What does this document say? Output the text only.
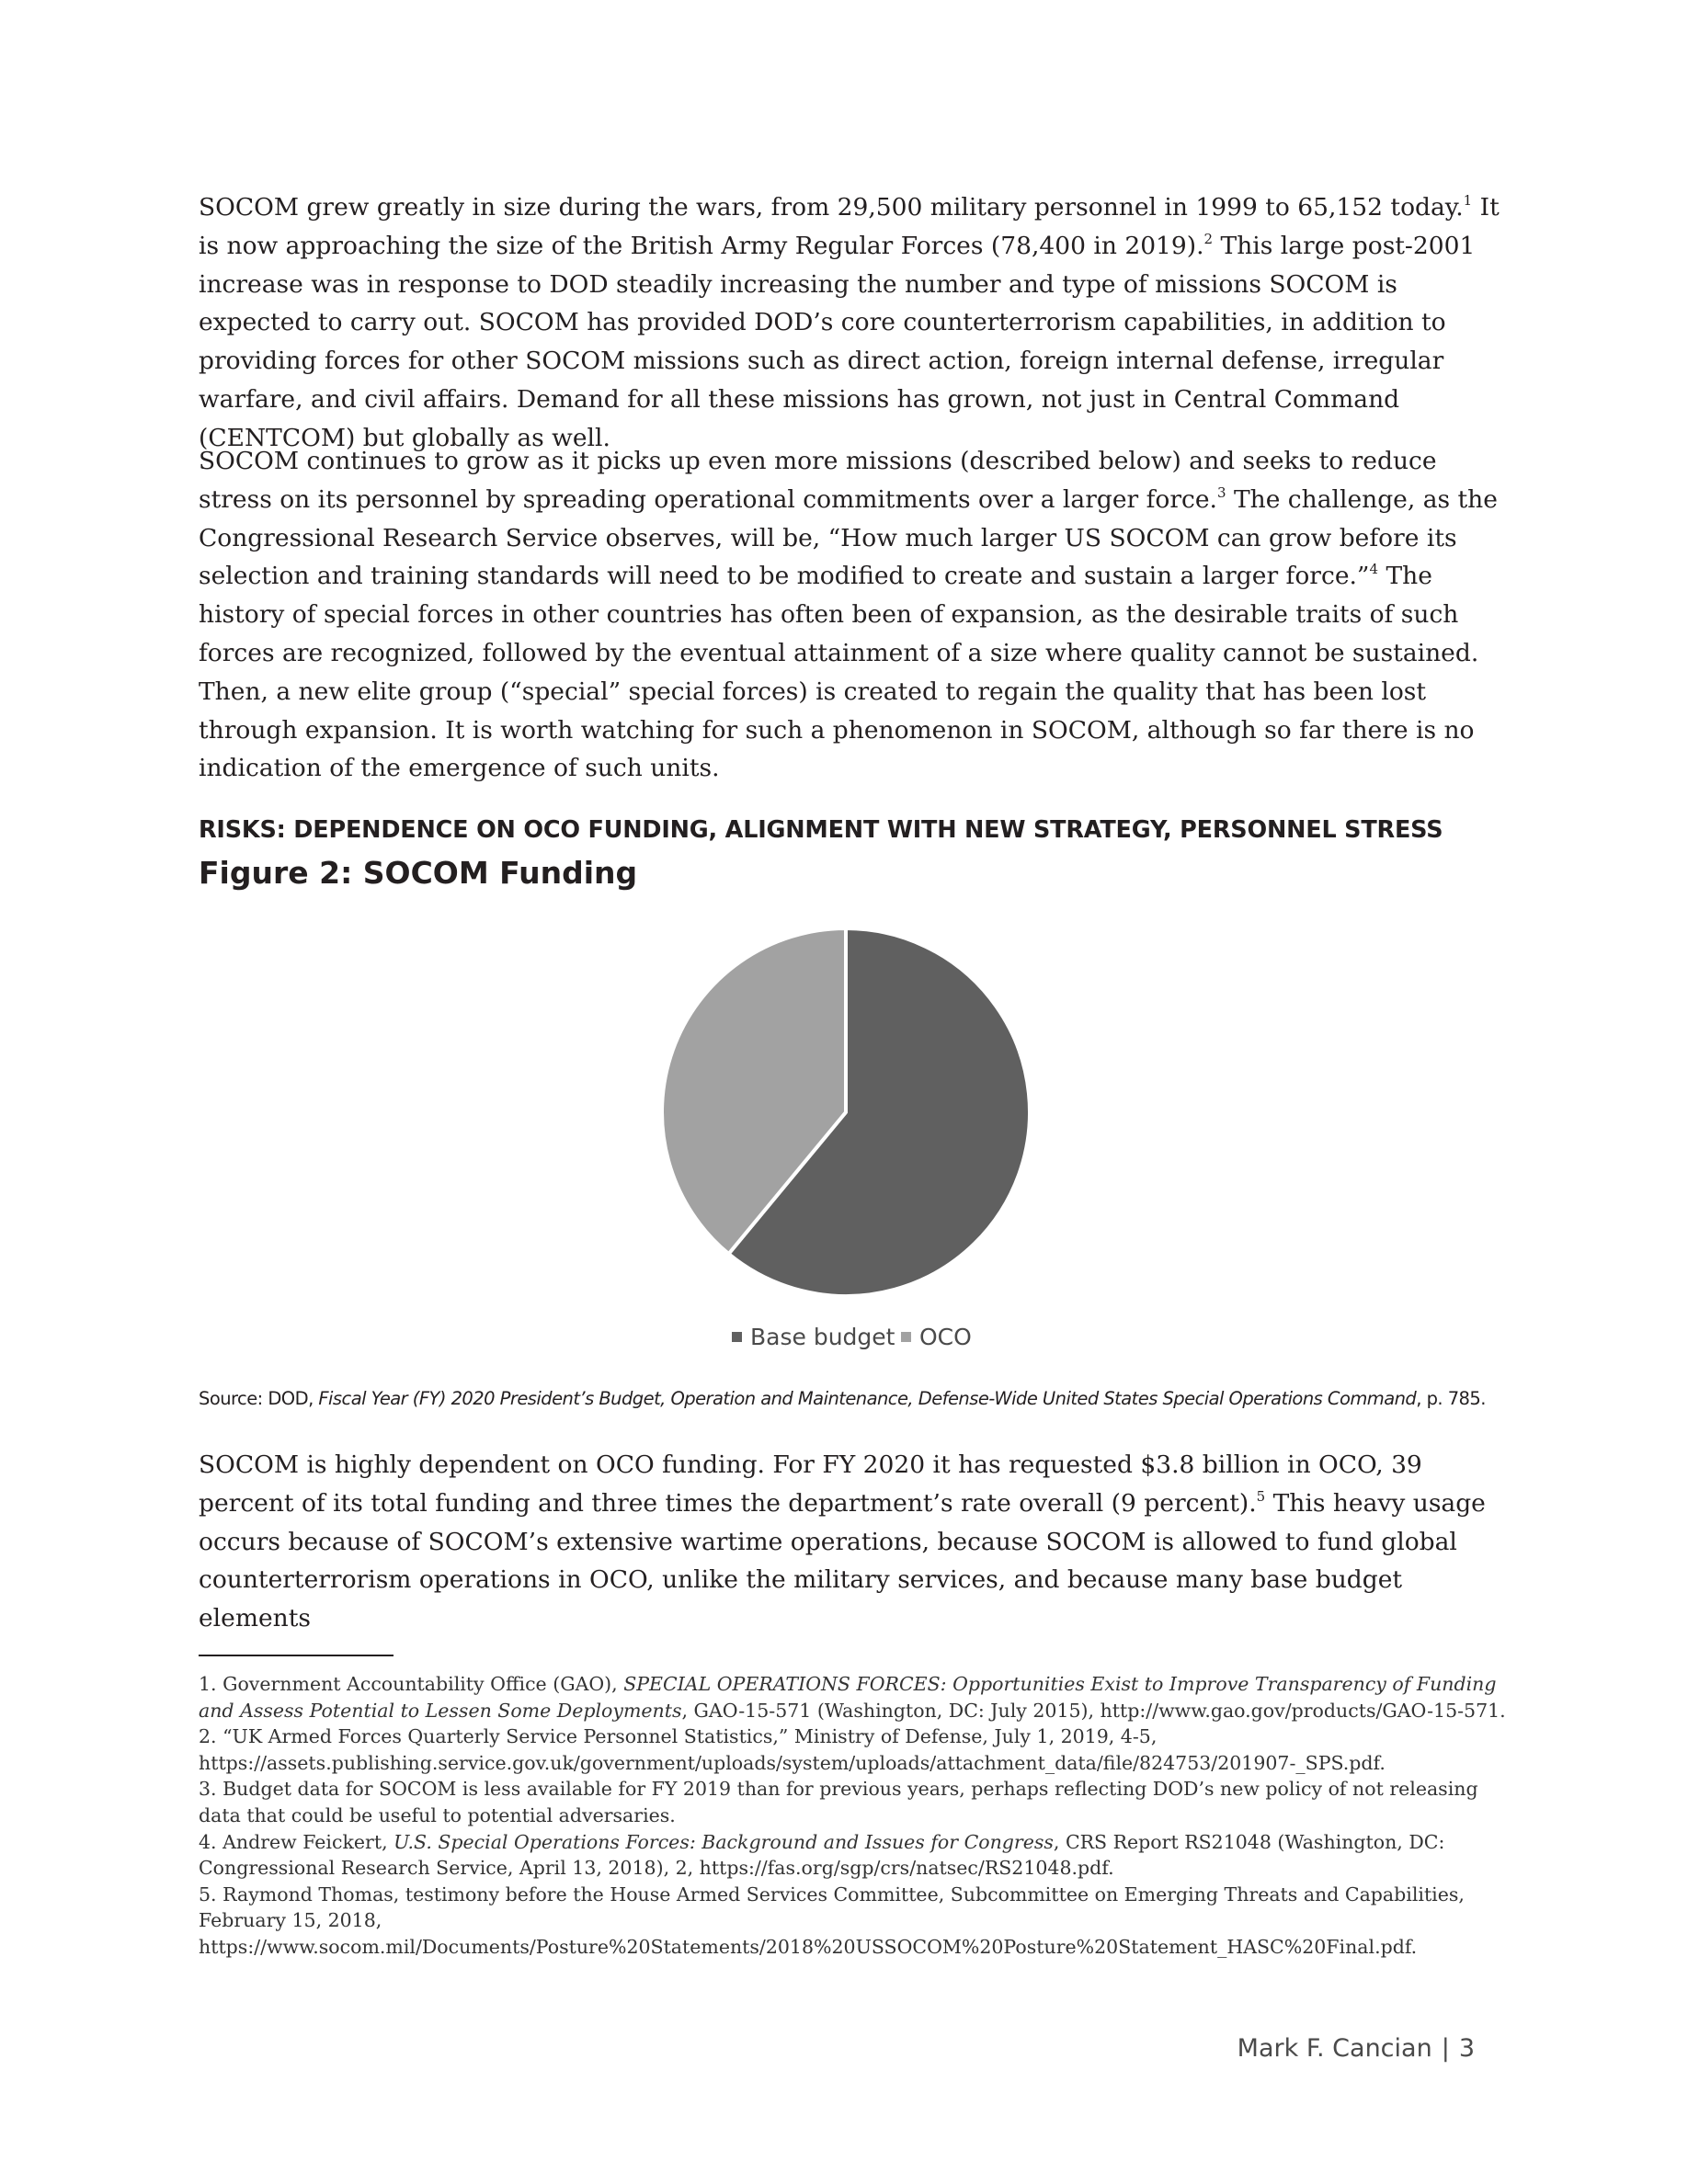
SOCOM grew greatly in size during the wars, from 29,500 military personnel in 1999 to 65,152 today.$^1$ It is now approaching the size of the British Army Regular Forces (78,400 in 2019).$^2$ This large post-2001 increase was in response to DOD steadily increasing the number and type of missions SOCOM is expected to carry out. SOCOM has provided DOD’s core counterterrorism capabilities, in addition to providing forces for other SOCOM missions such as direct action, foreign internal defense, irregular warfare, and civil affairs. Demand for all these missions has grown, not just in Central Command (CENTCOM) but globally as well.

SOCOM continues to grow as it picks up even more missions (described below) and seeks to reduce stress on its personnel by spreading operational commitments over a larger force.$^3$ The challenge, as the Congressional Research Service observes, will be, “How much larger US SOCOM can grow before its selection and training standards will need to be modified to create and sustain a larger force.”$^4$ The history of special forces in other countries has often been of expansion, as the desirable traits of such forces are recognized, followed by the eventual attainment of a size where quality cannot be sustained. Then, a new elite group (“special” special forces) is created to regain the quality that has been lost through expansion. It is worth watching for such a phenomenon in SOCOM, although so far there is no indication of the emergence of such units.

RISKS: DEPENDENCE ON OCO FUNDING, ALIGNMENT WITH NEW STRATEGY, PERSONNEL STRESS
Figure 2: SOCOM Funding
Base budget OCO

Source: DOD, Fiscal Year (FY) 2020 President’s Budget, Operation and Maintenance, Defense-Wide United States Special Operations Command, p. 785.

SOCOM is highly dependent on OCO funding. For FY 2020 it has requested $3.8 billion in OCO, 39 percent of its total funding and three times the department’s rate overall (9 percent).$^5$ This heavy usage occurs because of SOCOM’s extensive wartime operations, because SOCOM is allowed to fund global counterterrorism operations in OCO, unlike the military services, and because many base budget elements

1. Government Accountability Office (GAO), SPECIAL OPERATIONS FORCES: Opportunities Exist to Improve Transparency of Funding and Assess Potential to Lessen Some Deployments, GAO-15-571 (Washington, DC: July 2015), http://www.gao.gov/products/GAO-15-571.
2. “UK Armed Forces Quarterly Service Personnel Statistics,” Ministry of Defense, July 1, 2019, 4-5, https://assets.publishing.service.gov.uk/government/uploads/system/uploads/attachment_data/file/824753/201907-_SPS.pdf.
3. Budget data for SOCOM is less available for FY 2019 than for previous years, perhaps reflecting DOD’s new policy of not releasing data that could be useful to potential adversaries.
4. Andrew Feickert, U.S. Special Operations Forces: Background and Issues for Congress, CRS Report RS21048 (Washington, DC: Congressional Research Service, April 13, 2018), 2, https://fas.org/sgp/crs/natsec/RS21048.pdf.
5. Raymond Thomas, testimony before the House Armed Services Committee, Subcommittee on Emerging Threats and Capabilities, February 15, 2018, https://www.socom.mil/Documents/Posture%20Statements/2018%20USSOCOM%20Posture%20Statement_HASC%20Final.pdf.
Mark F. Cancian | 3
